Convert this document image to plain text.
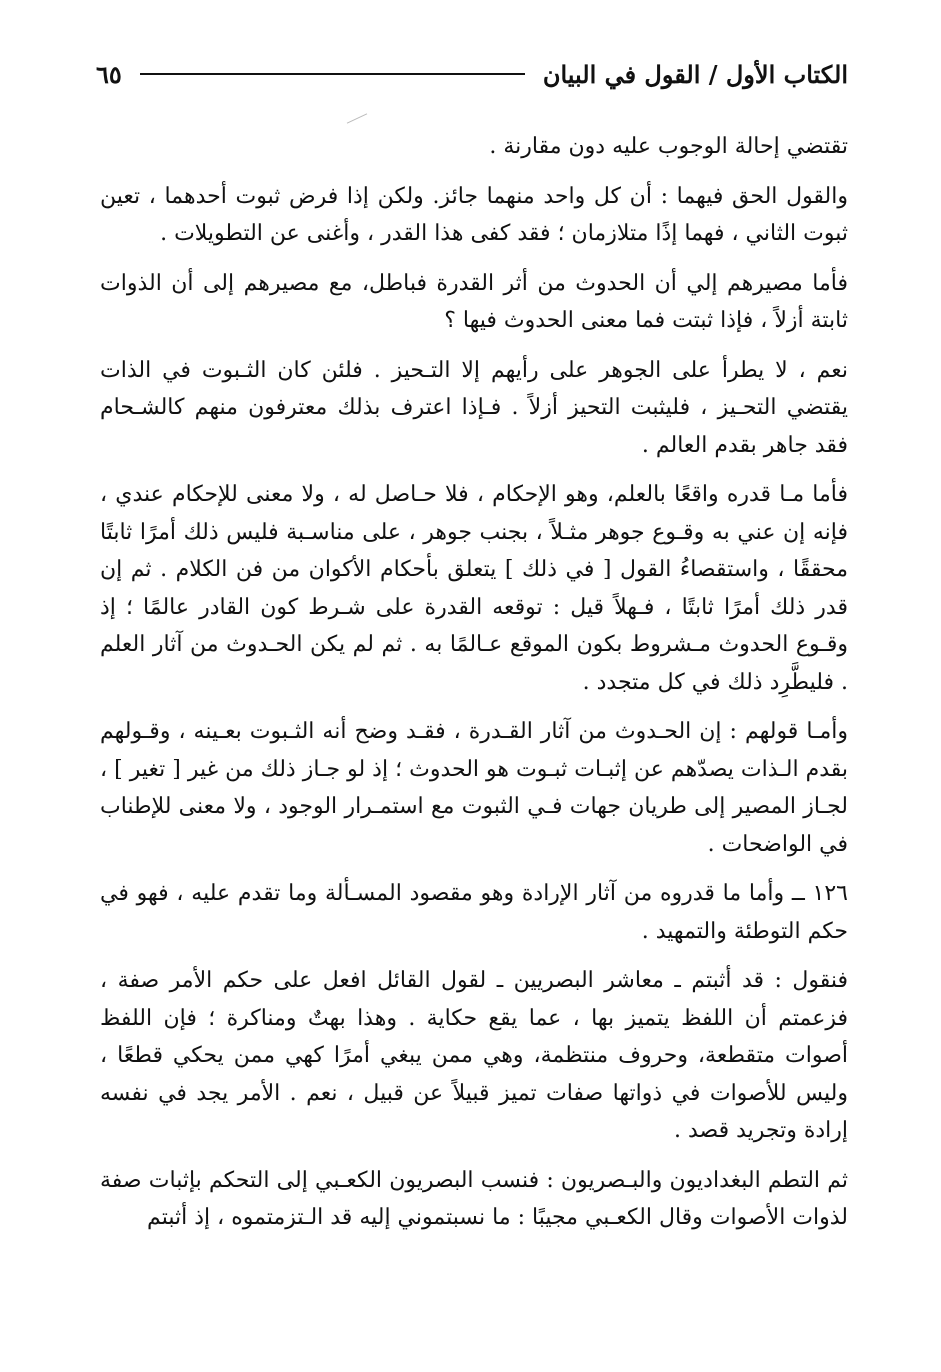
الكتاب الأول / القول في البيان
٦٥

تقتضي إحالة الوجوب عليه دون مقارنة .

والقول الحق فيهما : أن كل واحد منهما جائز. ولكن إذا فرض ثبوت أحدهما ، تعين ثبوت الثاني ، فهما إذًا متلازمان ؛ فقد كفى هذا القدر ، وأغنى عن التطويلات .

فأما مصيرهم إلي أن الحدوث من أثر القدرة فباطل، مع مصيرهم إلى أن الذوات ثابتة أزلاً ، فإذا ثبتت فما معنى الحدوث فيها ؟

نعم ، لا يطرأ على الجوهر على رأيهم إلا التـحيز . فلئن كان الثـبوت في الذات يقتضي التحـيز ، فليثبت التحيز أزلاً . فـإذا اعترف بذلك معترفون منهم كالشـحام فقد جاهر بقدم العالم .

فأما مـا قدره واقعًا بالعلم، وهو الإحكام ، فلا حـاصل له ، ولا معنى للإحكام عندي ، فإنه إن عني به وقـوع جوهر مثـلاً ، بجنب جوهر ، على مناسـبة فليس ذلك أمرًا ثابتًا محققًا ، واستقصاءُ القول [ في ذلك ] يتعلق بأحكام الأكوان من فن الكلام . ثم إن قدر ذلك أمرًا ثابتًا ، فـهلاً قيل : توقعه القدرة على شـرط كون القادر عالمًا ؛ إذ وقـوع الحدوث مـشروط بكون الموقع عـالمًا به . ثم لم يكن الحـدوث من آثار العلم . فليطَّرِد ذلك في كل متجدد .

وأمـا قولهم : إن الحـدوث من آثار القـدرة ، فقـد وضح أنه الثـبوت بعـينه ، وقـولهم بقدم الـذات يصدّهم عن إثبـات ثبـوت هو الحدوث ؛ إذ لو جـاز ذلك من غير [ تغير ] ، لجـاز المصير إلى طريان جهات فـي الثبوت مع استمـرار الوجود ، ولا معنى للإطناب في الواضحات .

١٢٦ ــ وأما ما قدروه من آثار الإرادة وهو مقصود المسـألة وما تقدم عليه ، فهو في حكم التوطئة والتمهيد .

فنقول : قد أثبتم ـ معاشر البصريين ـ لقول القائل افعل على حكم الأمر صفة ، فزعمتم أن اللفظ يتميز بها ، عما يقع حكاية . وهذا بهتٌ ومناكرة ؛ فإن اللفظ أصوات متقطعة، وحروف منتظمة، وهي ممن يبغي أمرًا كهي ممن يحكي قطعًا ، وليس للأصوات في ذواتها صفات تميز قبيلاً عن قبيل ، نعم . الأمر يجد في نفسه إرادة وتجريد قصد .

ثم التطم البغداديون والبـصريون : فنسب البصريون الكعـبي إلى التحكم بإثبات صفة لذوات الأصوات وقال الكعـبي مجيبًا : ما نسبتموني إليه قد الـتزمتموه ، إذ أثبتم
